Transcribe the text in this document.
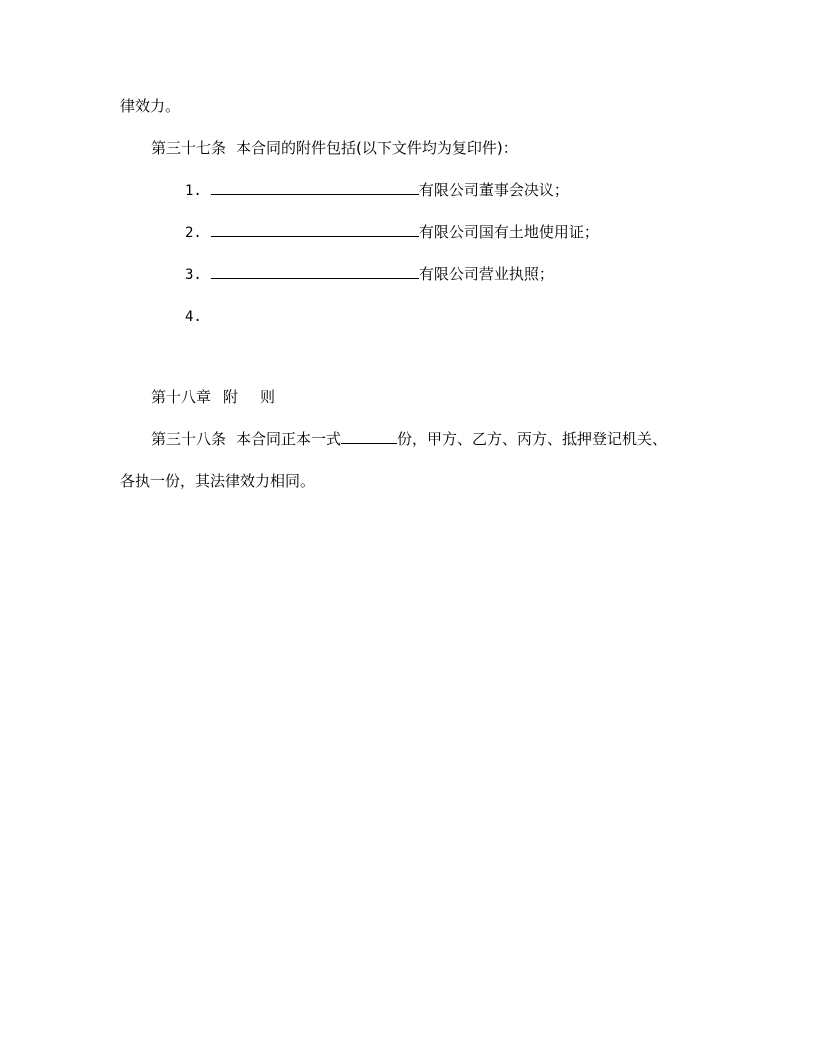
律效力。
第三十七条 本合同的附件包括(以下文件均为复印件)：
1.	有限公司董事会决议；
2.	有限公司国有土地使用证；
3.	有限公司营业执照；
4.
第十八章 附 则
第三十八条 本合同正本一式	份，甲方、乙方、丙方、抵押登记机关、
各执一份，其法律效力相同。
